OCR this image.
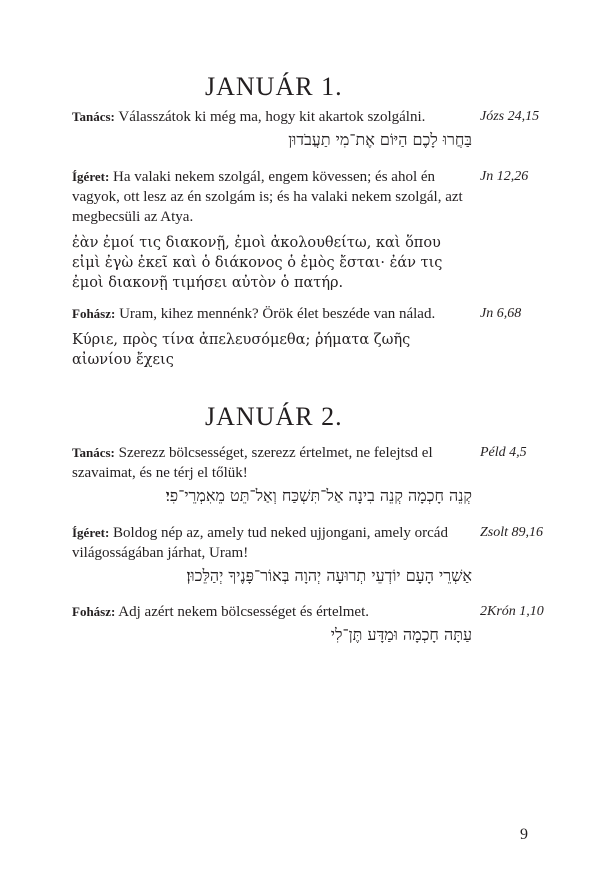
JANUÁR 1.
Tanács: Válasszátok ki még ma, hogy kit akartok szolgálni.
בַּחֲרוּ לָכֶם הַיּוֹם אֶת־מִי תַעֲבֹדוּן
Józs 24,15
Ígéret: Ha valaki nekem szolgál, engem kövessen; és ahol én vagyok, ott lesz az én szolgám is; és ha valaki nekem szolgál, azt megbecsüli az Atya.
ἐὰν ἐμοί τις διακονῇ, ἐμοὶ ἀκολουθείτω, καὶ ὅπου εἰμὶ ἐγὼ ἐκεῖ καὶ ὁ διάκονος ὁ ἐμὸς ἔσται· ἐάν τις ἐμοὶ διακονῇ τιμήσει αὐτὸν ὁ πατήρ.
Jn 12,26
Fohász: Uram, kihez mennénk? Örök élet beszéde van nálad.
Κύριε, πρὸς τίνα ἀπελευσόμεθα; ῥήματα ζωῆς αἰωνίου ἔχεις
Jn 6,68
JANUÁR 2.
Tanács: Szerezz bölcsességet, szerezz értelmet, ne felejtsd el szavaimat, és ne térj el tőlük!
קְנֵה חָכְמָה קְנֵה בִינָה אַל־תִּשְׁכַּח וְאַל־תֵּט מֵאִמְרֵי־פִי׃
Péld 4,5
Ígéret: Boldog nép az, amely tud neked ujjongani, amely orcád világosságában járhat, Uram!
אַשְׁרֵי הָעָם יוֹדְעֵי תְרוּעָה יְהוָה בְּאוֹר־פָּנֶיךָ יְהַלֵּכוּן׃
Zsolt 89,16
Fohász: Adj azért nekem bölcsességet és értelmet.
עַתָּה חָכְמָה וּמַדָּע תֶּן־לִי
2Krón 1,10
9
